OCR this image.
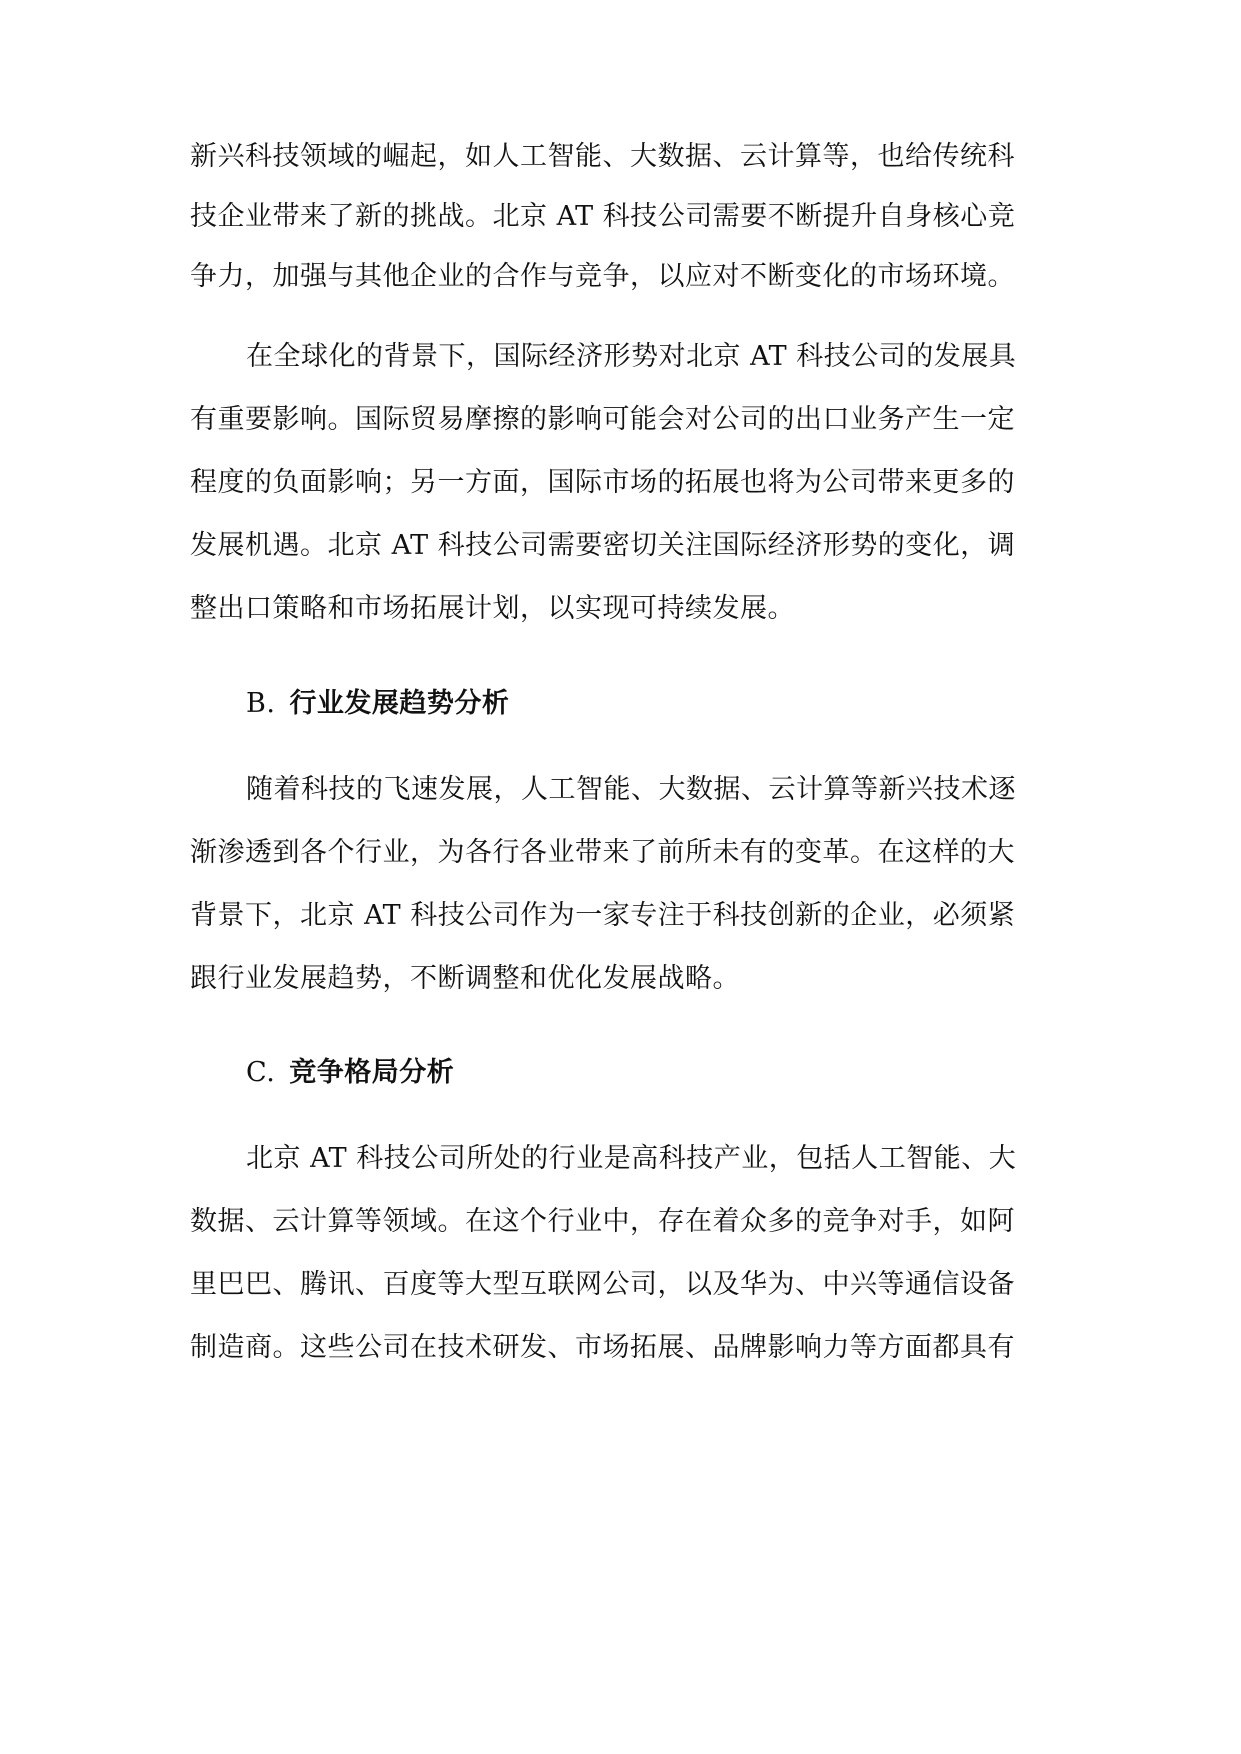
新兴科技领域的崛起，如人工智能、大数据、云计算等，也给传统科
技企业带来了新的挑战。北京 AT 科技公司需要不断提升自身核心竞
争力，加强与其他企业的合作与竞争，以应对不断变化的市场环境。
在全球化的背景下，国际经济形势对北京 AT 科技公司的发展具
有重要影响。国际贸易摩擦的影响可能会对公司的出口业务产生一定
程度的负面影响；另一方面，国际市场的拓展也将为公司带来更多的
发展机遇。北京 AT 科技公司需要密切关注国际经济形势的变化，调
整出口策略和市场拓展计划，以实现可持续发展。
B. 行业发展趋势分析
随着科技的飞速发展，人工智能、大数据、云计算等新兴技术逐
渐渗透到各个行业，为各行各业带来了前所未有的变革。在这样的大
背景下，北京 AT 科技公司作为一家专注于科技创新的企业，必须紧
跟行业发展趋势，不断调整和优化发展战略。
C. 竞争格局分析
北京 AT 科技公司所处的行业是高科技产业，包括人工智能、大
数据、云计算等领域。在这个行业中，存在着众多的竞争对手，如阿
里巴巴、腾讯、百度等大型互联网公司，以及华为、中兴等通信设备
制造商。这些公司在技术研发、市场拓展、品牌影响力等方面都具有
